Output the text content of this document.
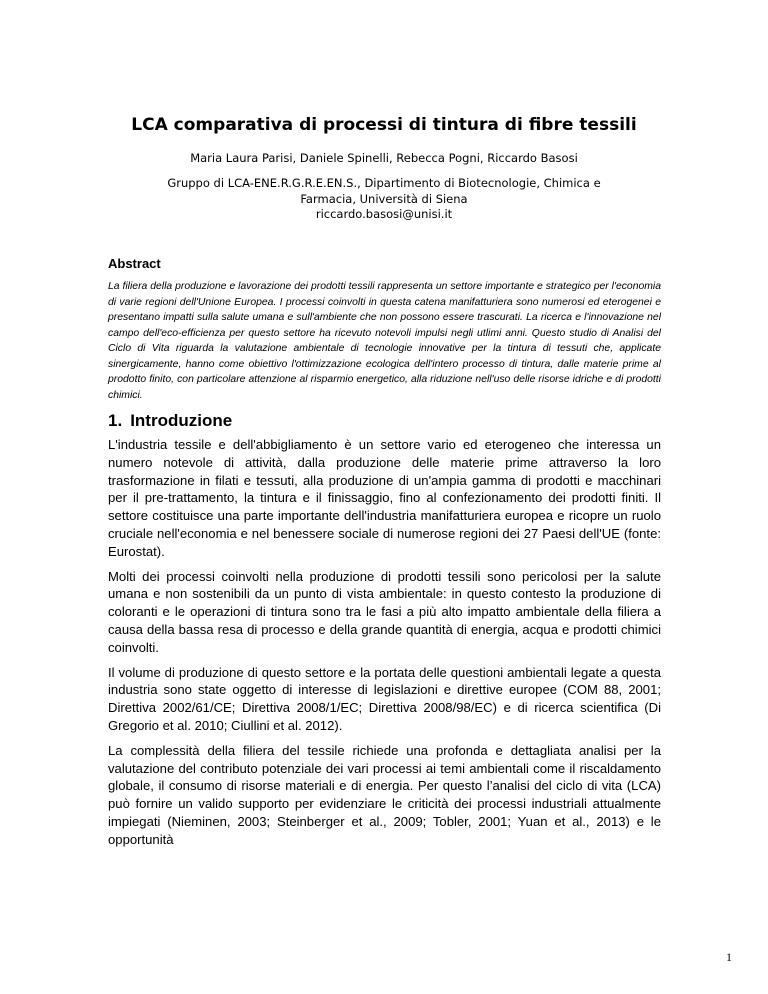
LCA comparativa di processi di tintura di fibre tessili

Maria Laura Parisi, Daniele Spinelli, Rebecca Pogni, Riccardo Basosi

Gruppo di LCA-ENE.R.G.R.E.EN.S., Dipartimento di Biotecnologie, Chimica e
Farmacia, Università di Siena
riccardo.basosi@unisi.it
Abstract

La filiera della produzione e lavorazione dei prodotti tessili rappresenta un settore importante e strategico per l'economia di varie regioni dell'Unione Europea. I processi coinvolti in questa catena manifatturiera sono numerosi ed eterogenei e presentano impatti sulla salute umana e sull'ambiente che non possono essere trascurati. La ricerca e l'innovazione nel campo dell'eco-efficienza per questo settore ha ricevuto notevoli impulsi negli utlimi anni. Questo studio di Analisi del Ciclo di Vita riguarda la valutazione ambientale di tecnologie innovative per la tintura di tessuti che, applicate sinergicamente, hanno come obiettivo l'ottimizzazione ecologica dell'intero processo di tintura, dalle materie prime al prodotto finito, con particolare attenzione al risparmio energetico, alla riduzione nell'uso delle risorse idriche e di prodotti chimici.

1. Introduzione

L'industria tessile e dell'abbigliamento è un settore vario ed eterogeneo che interessa un numero notevole di attività, dalla produzione delle materie prime attraverso la loro trasformazione in filati e tessuti, alla produzione di un'ampia gamma di prodotti e macchinari per il pre-trattamento, la tintura e il finissaggio, fino al confezionamento dei prodotti finiti. Il settore costituisce una parte importante dell'industria manifatturiera europea e ricopre un ruolo cruciale nell'economia e nel benessere sociale di numerose regioni dei 27 Paesi dell'UE (fonte: Eurostat).

Molti dei processi coinvolti nella produzione di prodotti tessili sono pericolosi per la salute umana e non sostenibili da un punto di vista ambientale: in questo contesto la produzione di coloranti e le operazioni di tintura sono tra le fasi a più alto impatto ambientale della filiera a causa della bassa resa di processo e della grande quantità di energia, acqua e prodotti chimici coinvolti.

Il volume di produzione di questo settore e la portata delle questioni ambientali legate a questa industria sono state oggetto di interesse di legislazioni e direttive europee (COM 88, 2001; Direttiva 2002/61/CE; Direttiva 2008/1/EC; Direttiva 2008/98/EC) e di ricerca scientifica (Di Gregorio et al. 2010; Ciullini et al. 2012).

La complessità della filiera del tessile richiede una profonda e dettagliata analisi per la valutazione del contributo potenziale dei vari processi ai temi ambientali come il riscaldamento globale, il consumo di risorse materiali e di energia. Per questo l’analisi del ciclo di vita (LCA) può fornire un valido supporto per evidenziare le criticità dei processi industriali attualmente impiegati (Nieminen, 2003; Steinberger et al., 2009; Tobler, 2001; Yuan et al., 2013) e le opportunità

1
